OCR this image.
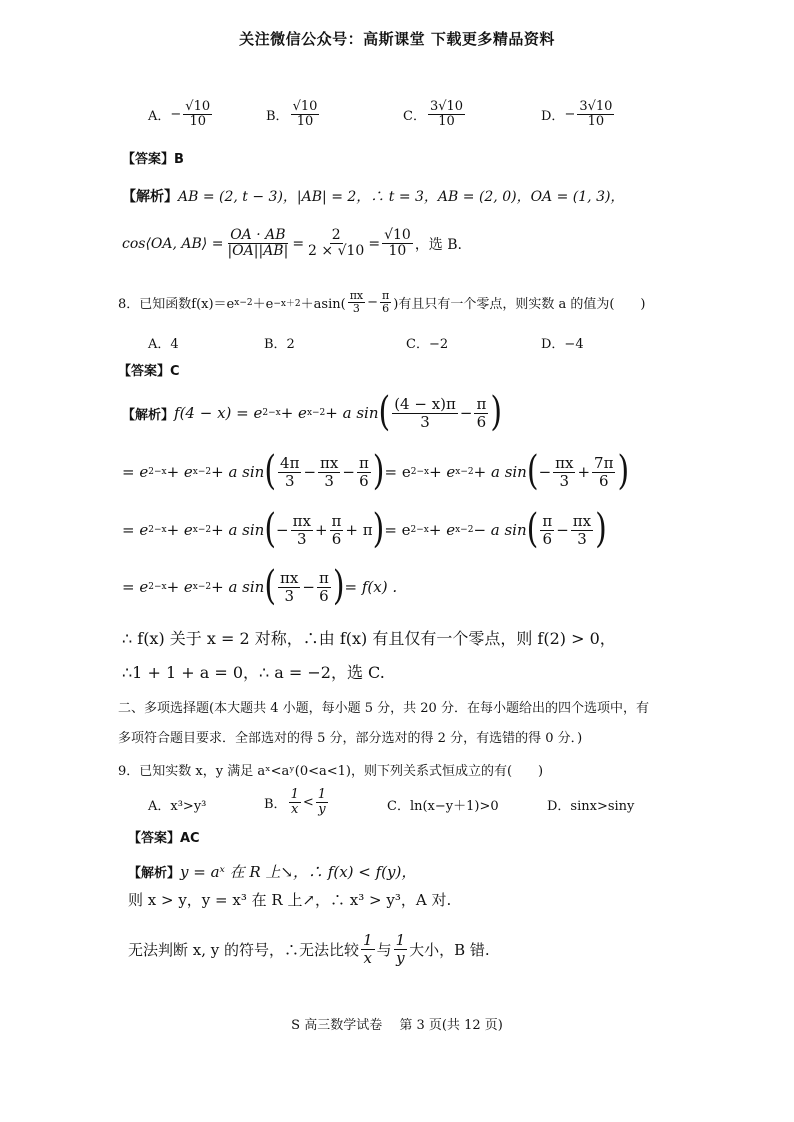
关注微信公众号：高斯课堂 下载更多精品资料
A． − $\frac{√10}{10}$	B． $\frac{√10}{10}$	C． $\frac{3√10}{10}$	D． − $\frac{3√10}{10}$
【答案】B
【解析】 AB = (2, t − 3)，|AB| = 2，∴ t = 3，AB = (2, 0)，OA = (1, 3)，
cos⟨OA, AB⟩ = $\frac{OA \cdot AB}{|OA||AB|} = \frac{2}{2 \times √10} = \frac{√10}{10}$ ，选 B.
8．已知函数f(x)＝e $x-2 +e -x+2 +asin( \frac{\pi x}{3} - \frac{\pi}{6}$ )有且只有一个零点，则实数 a 的值为(　　)
A．4	B．2	C．−2	D．−4
【答案】C
【解析】 f(4 − x) = e 2−x + e x−2 + a sin ( $\frac{(4 - x)\pi}{3} - \frac{\pi}{6}$ )
= e 2−x + e x−2 + a sin ( $\frac{4\pi}{3} - \frac{\pi x}{3} - \frac{\pi}{6}$ ) = e 2−x + e x−2 + a sin ( − $\frac{\pi x}{3} + \frac{7\pi}{6}$ )
= e 2−x + e x−2 + a sin ( − $\frac{\pi x}{3} + \frac{\pi}{6} + \pi$ ) = e 2−x + e x−2 − a sin ( $\frac{\pi}{6} - \frac{\pi x}{3}$ )
= e 2−x + e x−2 + a sin ( $\frac{\pi x}{3} - \frac{\pi}{6}$ ) = f(x) .
∴ f(x) 关于 x = 2 对称，∴由 f(x) 有且仅有一个零点，则 f(2) > 0，
∴1 + 1 + a = 0，∴ a = −2，选 C.
二、多项选择题(本大题共 4 小题，每小题 5 分，共 20 分．在每小题给出的四个选项中，有
多项符合题目要求．全部选对的得 5 分，部分选对的得 2 分，有选错的得 0 分．)
9．已知实数 x，y 满足 aˣ<aʸ(0<a<1)，则下列关系式恒成立的有(　　)
A．x³>y³	B． $\frac{1}{x} < \frac{1}{y}$	C．ln(x−y＋1)>0	D．sinx>siny
【答案】AC
【解析】 y = aˣ 在 R 上↘，∴ f(x) < f(y)，
则 x > y，y = x³ 在 R 上↗，∴ x³ > y³，A 对.
无法判断 x, y 的符号，∴无法比较 $\frac{1}{x}$ 与 $\frac{1}{y}$ 大小，B 错.
S 高三数学试卷　 第 3 页(共 12 页)
